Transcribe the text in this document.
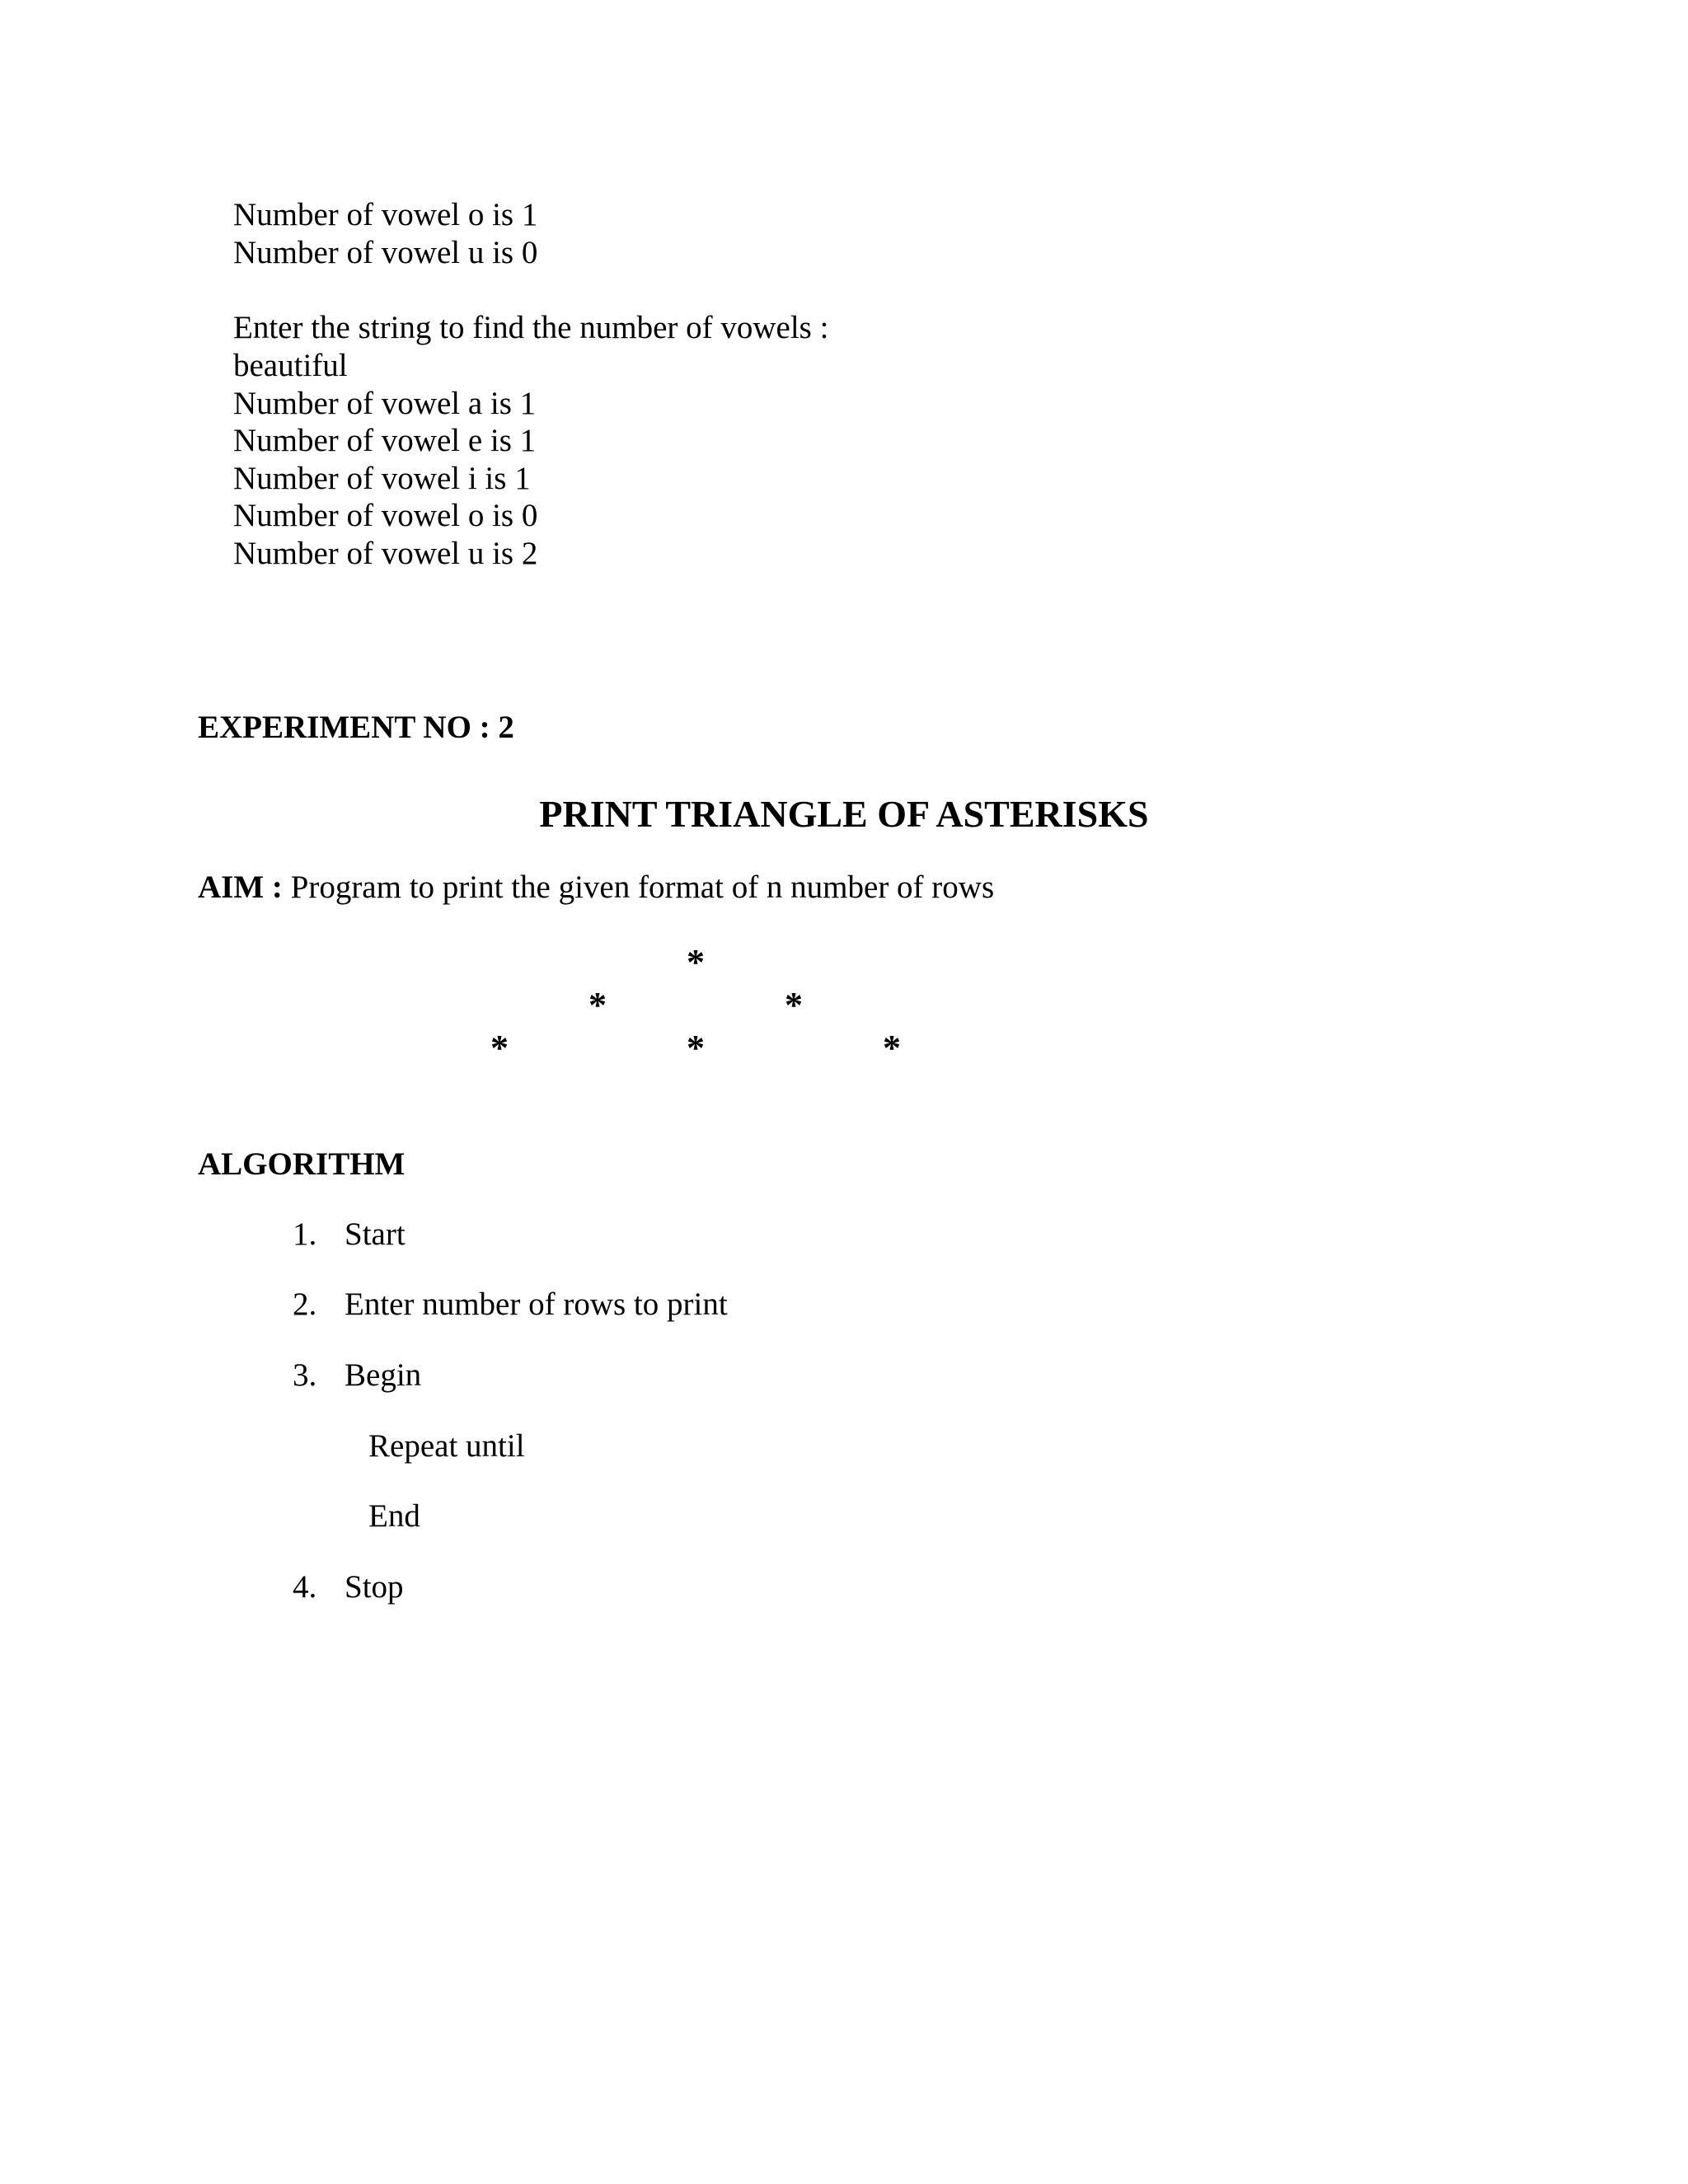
Number of vowel o is 1
Number of vowel u is 0
Enter the string to find the number of vowels :
beautiful
Number of vowel a is 1
Number of vowel e is 1
Number of vowel i is 1
Number of vowel o is 0
Number of vowel u is 2
EXPERIMENT NO : 2
PRINT TRIANGLE OF ASTERISKS
AIM : Program to print the given format of n number of rows
*
*	*
*	*	*
ALGORITHM
1. Start
2. Enter number of rows to print
3. Begin
Repeat until
End
4. Stop
